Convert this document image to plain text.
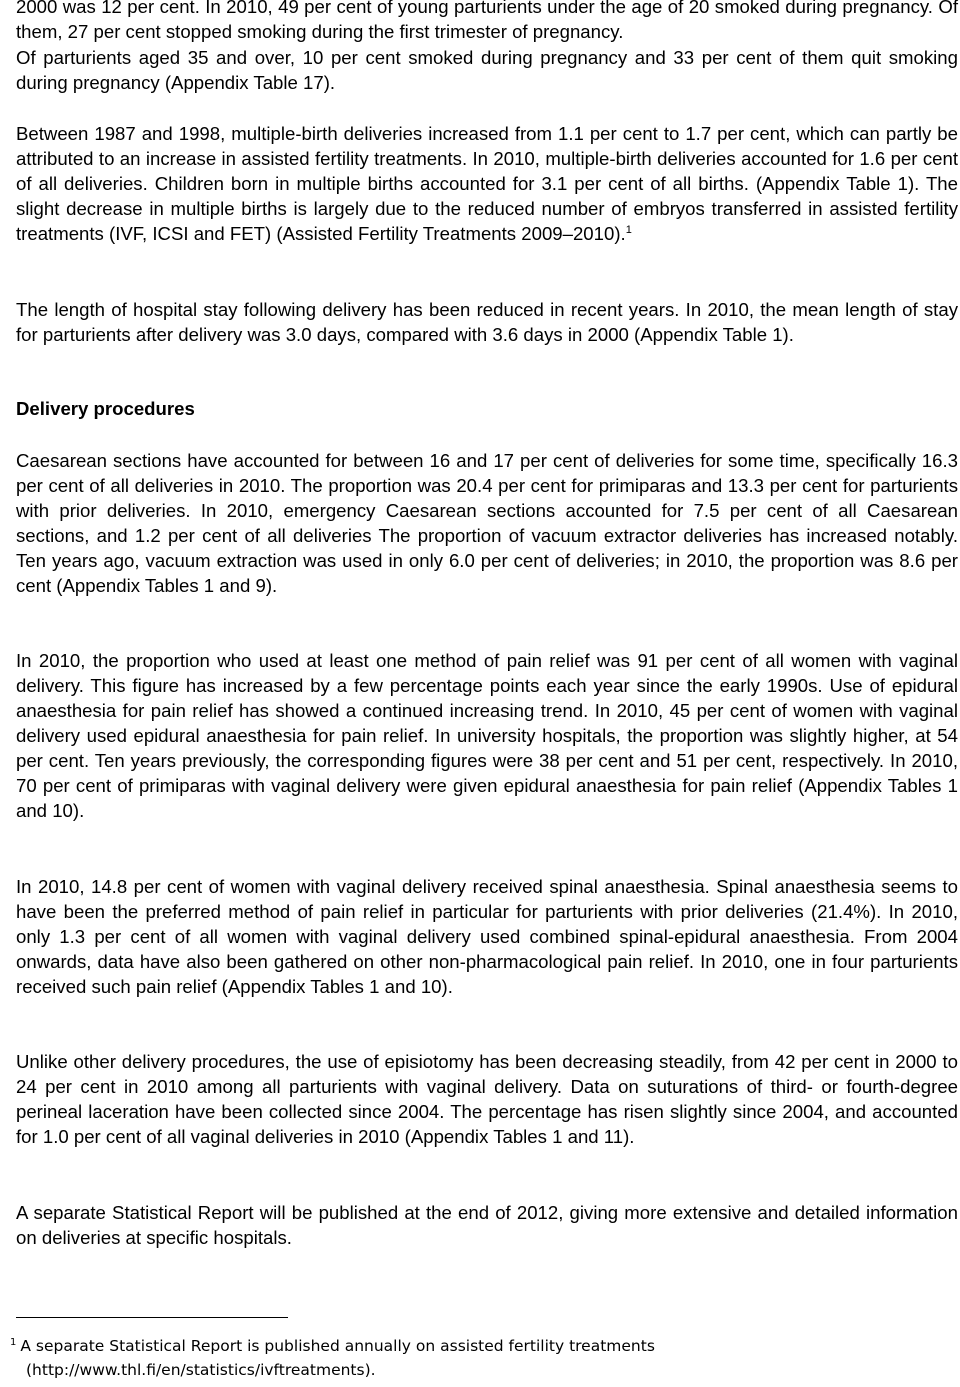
2000 was 12 per cent. In 2010, 49 per cent of young parturients under the age of 20 smoked during pregnancy. Of them, 27 per cent stopped smoking during the first trimester of pregnancy.

Of parturients aged 35 and over, 10 per cent smoked during pregnancy and 33 per cent of them quit smoking during pregnancy (Appendix Table 17).

Between 1987 and 1998, multiple-birth deliveries increased from 1.1 per cent to 1.7 per cent, which can partly be attributed to an increase in assisted fertility treatments. In 2010, multiple-birth deliveries accounted for 1.6 per cent of all deliveries. Children born in multiple births accounted for 3.1 per cent of all births. (Appendix Table 1). The slight decrease in multiple births is largely due to the reduced number of embryos transferred in assisted fertility treatments (IVF, ICSI and FET) (Assisted Fertility Treatments 2009–2010).$^1$

The length of hospital stay following delivery has been reduced in recent years. In 2010, the mean length of stay for parturients after delivery was 3.0 days, compared with 3.6 days in 2000 (Appendix Table 1).

Delivery procedures

Caesarean sections have accounted for between 16 and 17 per cent of deliveries for some time, specifically 16.3 per cent of all deliveries in 2010. The proportion was 20.4 per cent for primiparas and 13.3 per cent for parturients with prior deliveries. In 2010, emergency Caesarean sections accounted for 7.5 per cent of all Caesarean sections, and 1.2 per cent of all deliveries The proportion of vacuum extractor deliveries has increased notably. Ten years ago, vacuum extraction was used in only 6.0 per cent of deliveries; in 2010, the proportion was 8.6 per cent (Appendix Tables 1 and 9).

In 2010, the proportion who used at least one method of pain relief was 91 per cent of all women with vaginal delivery. This figure has increased by a few percentage points each year since the early 1990s. Use of epidural anaesthesia for pain relief has showed a continued increasing trend. In 2010, 45 per cent of women with vaginal delivery used epidural anaesthesia for pain relief. In university hospitals, the proportion was slightly higher, at 54 per cent. Ten years previously, the corresponding figures were 38 per cent and 51 per cent, respectively. In 2010, 70 per cent of primiparas with vaginal delivery were given epidural anaesthesia for pain relief (Appendix Tables 1 and 10).

In 2010, 14.8 per cent of women with vaginal delivery received spinal anaesthesia. Spinal anaesthesia seems to have been the preferred method of pain relief in particular for parturients with prior deliveries (21.4%). In 2010, only 1.3 per cent of all women with vaginal delivery used combined spinal-epidural anaesthesia. From 2004 onwards, data have also been gathered on other non-pharmacological pain relief. In 2010, one in four parturients received such pain relief (Appendix Tables 1 and 10).

Unlike other delivery procedures, the use of episiotomy has been decreasing steadily, from 42 per cent in 2000 to 24 per cent in 2010 among all parturients with vaginal delivery. Data on suturations of third- or fourth-degree perineal laceration have been collected since 2004. The percentage has risen slightly since 2004, and accounted for 1.0 per cent of all vaginal deliveries in 2010 (Appendix Tables 1 and 11).

A separate Statistical Report will be published at the end of 2012, giving more extensive and detailed information on deliveries at specific hospitals.

$^1$ A separate Statistical Report is published annually on assisted fertility treatments
(http://www.thl.fi/en/statistics/ivftreatments).
